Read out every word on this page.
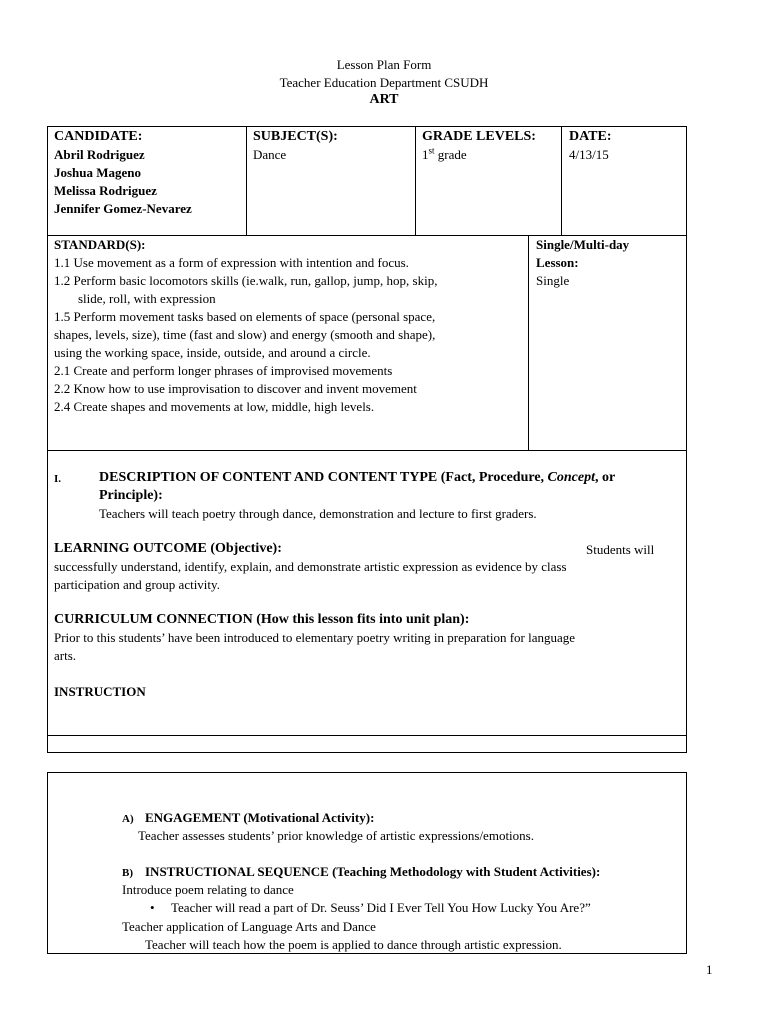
Lesson Plan Form
Teacher Education Department CSUDH
ART
CANDIDATE:
Abril Rodriguez
Joshua Mageno
Melissa Rodriguez
Jennifer Gomez-Nevarez
SUBJECT(S):
Dance
GRADE LEVELS:
1st grade
DATE:
4/13/15
STANDARD(S):
1.1 Use movement as a form of expression with intention and focus.
1.2 Perform basic locomotors skills (ie.walk, run, gallop, jump, hop, skip,
slide, roll, with expression
1.5 Perform movement tasks based on elements of space (personal space,
shapes, levels, size), time (fast and slow) and energy (smooth and shape),
using the working space, inside, outside, and around a circle.
2.1 Create and perform longer phrases of improvised movements
2.2 Know how to use improvisation to discover and invent movement
2.4 Create shapes and movements at low, middle, high levels.
Single/Multi-day
Lesson:
Single
I.	DESCRIPTION OF CONTENT AND CONTENT TYPE (Fact, Procedure, Concept, or
Principle):
Teachers will teach poetry through dance, demonstration and lecture to first graders.
LEARNING OUTCOME (Objective):	Students will
successfully understand, identify, explain, and demonstrate artistic expression as evidence by class
participation and group activity.
CURRICULUM CONNECTION (How this lesson fits into unit plan):
Prior to this students’ have been introduced to elementary poetry writing in preparation for language
arts.
INSTRUCTION
A) ENGAGEMENT (Motivational Activity):
Teacher assesses students’ prior knowledge of artistic expressions/emotions.
B) INSTRUCTIONAL SEQUENCE (Teaching Methodology with Student Activities):
Introduce poem relating to dance
• Teacher will read a part of Dr. Seuss’ Did I Ever Tell You How Lucky You Are?”
Teacher application of Language Arts and Dance
Teacher will teach how the poem is applied to dance through artistic expression.
1
